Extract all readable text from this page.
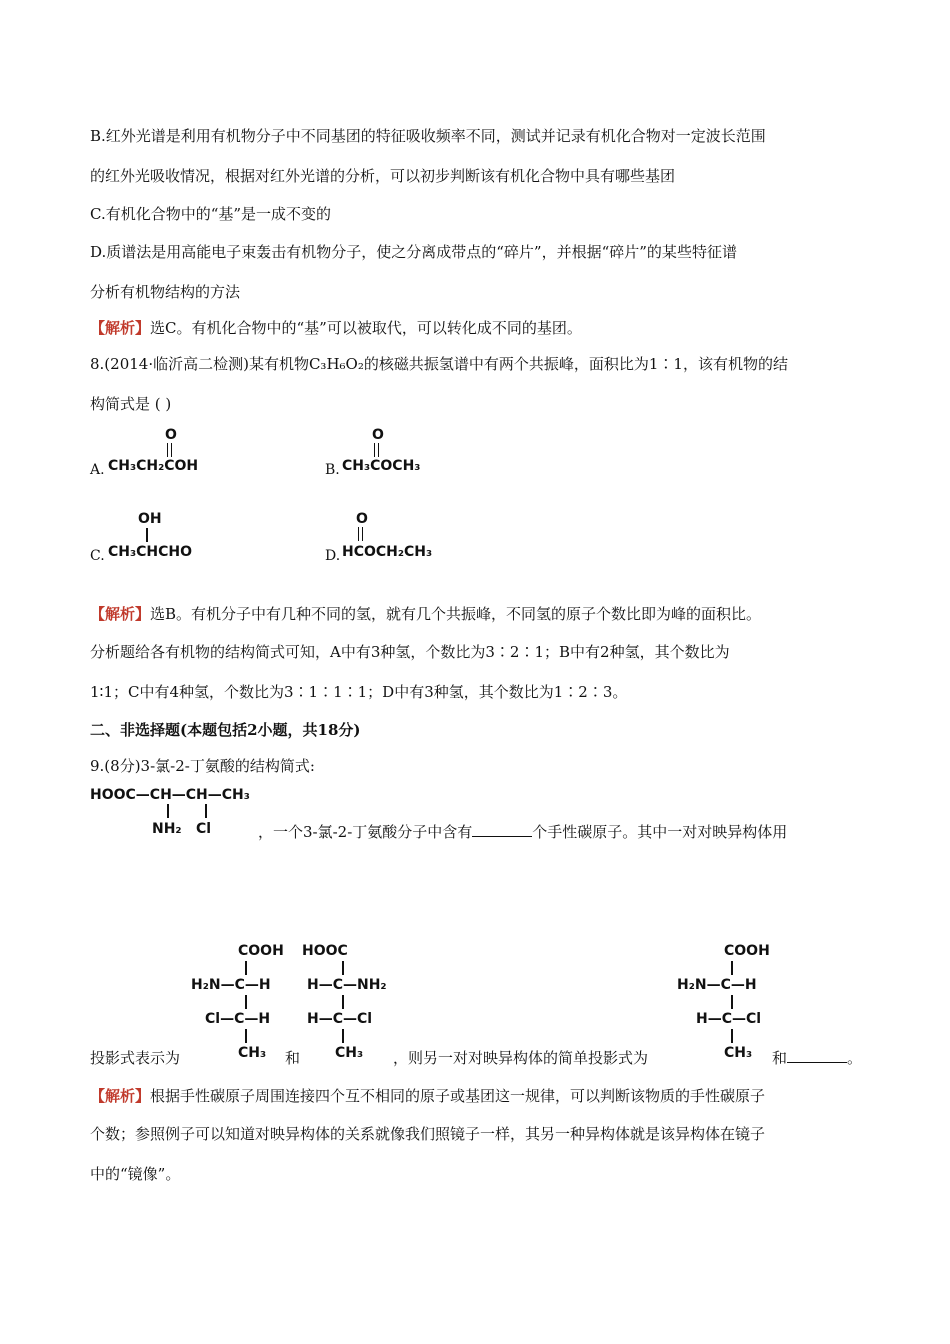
B.红外光谱是利用有机物分子中不同基团的特征吸收频率不同，测试并记录有机化合物对一定波长范围
的红外光吸收情况，根据对红外光谱的分析，可以初步判断该有机化合物中具有哪些基团
C.有机化合物中的“基”是一成不变的
D.质谱法是用高能电子束轰击有机物分子，使之分离成带点的“碎片”，并根据“碎片”的某些特征谱
分析有机物结构的方法
【解析】选C。有机化合物中的“基”可以被取代，可以转化成不同的基团。
8.(2014·临沂高二检测)某有机物C₃H₆O₂的核磁共振氢谱中有两个共振峰，面积比为1∶1，该有机物的结
构简式是 ( )
A.
O
CH₃CH₂COH	B.
O
CH₃COCH₃
C.
OH
CH₃CHCHO	D.
O
HCOCH₂CH₃
【解析】选B。有机分子中有几种不同的氢，就有几个共振峰，不同氢的原子个数比即为峰的面积比。
分析题给各有机物的结构简式可知，A中有3种氢，个数比为3∶2∶1；B中有2种氢，其个数比为
1∶1；C中有4种氢，个数比为3∶1∶1∶1；D中有3种氢，其个数比为1∶2∶3。
二、非选择题(本题包括2小题，共18分)
9.(8分)3-氯-2-丁氨酸的结构简式:
HOOC—CH—CH—CH₃
NH₂ Cl	，一个3-氯-2-丁氨酸分子中含有	个手性碳原子。其中一对对映异构体用
COOH
H₂N—C—H
Cl—C—H
CH₃
HOOC
H—C—NH₂
H—C—Cl
CH₃
COOH
H₂N—C—H
H—C—Cl
CH₃
投影式表示为	和	，则另一对对映异构体的简单投影式为	和	。
【解析】根据手性碳原子周围连接四个互不相同的原子或基团这一规律，可以判断该物质的手性碳原子
个数；参照例子可以知道对映异构体的关系就像我们照镜子一样，其另一种异构体就是该异构体在镜子
中的“镜像”。
